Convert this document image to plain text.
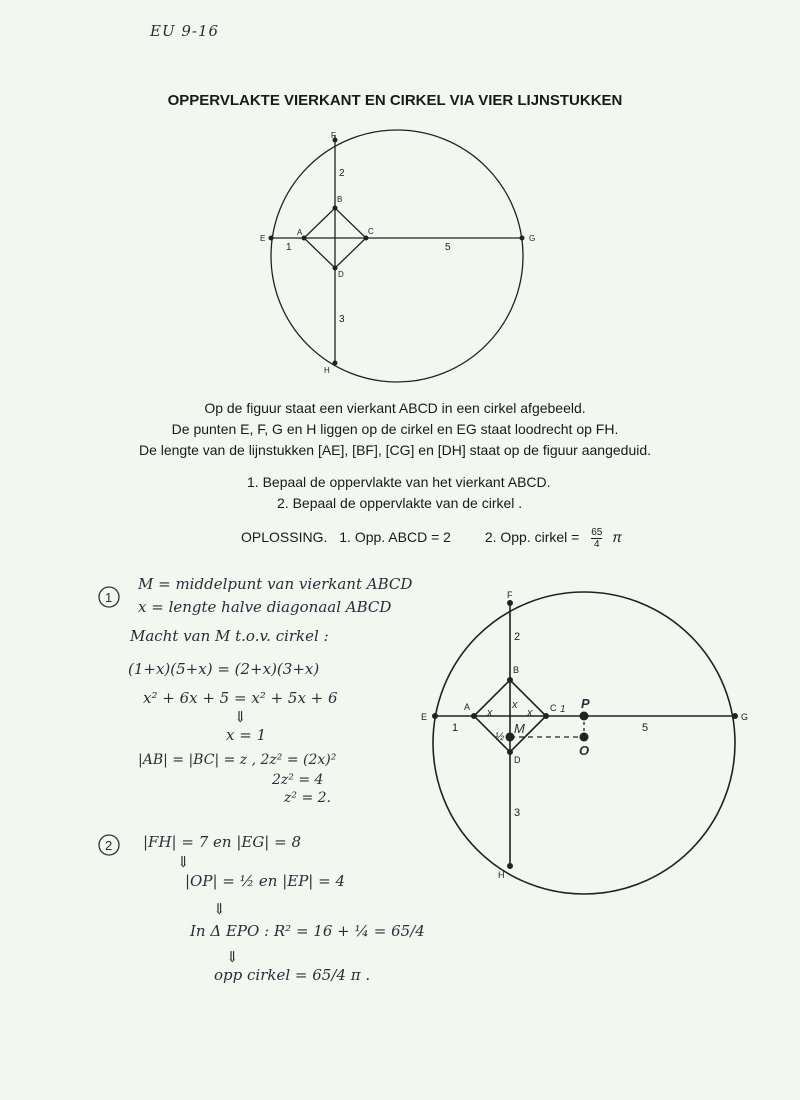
EU 9-16
OPPERVLAKTE VIERKANT EN CIRKEL VIA VIER LIJNSTUKKEN
E	G
F
H
A
B
C
D
1
2
5
3
Op de figuur staat een vierkant ABCD in een cirkel afgebeeld.
De punten E, F, G en H liggen op de cirkel en EG staat loodrecht op FH.
De lengte van de lijnstukken [AE], [BF], [CG] en [DH] staat op de figuur aangeduid.
1. Bepaal de oppervlakte van het vierkant ABCD.
2. Bepaal de oppervlakte van de cirkel .
OPLOSSING. 1. Opp. ABCD = 2 2. Opp. cirkel = $\frac{65}{4}$ π
1
M = middelpunt van vierkant ABCD
x = lengte halve diagonaal ABCD
Macht van M t.o.v. cirkel :
(1+x)(5+x) = (2+x)(3+x)
x² + 6x + 5 = x² + 5x + 6
⇓
x = 1
|AB| = |BC| = z , 2z² = (2x)²
2z² = 4
z² = 2.
2 |FH| = 7 en |EG| = 8
⇓
|OP| = ½ en |EP| = 4
⇓
In Δ EPO : R² = 16 + ¼ = 65/4
⇓
opp cirkel = 65/4 π .
E	G
F
H
A
B
C
D
1
2
5
3
M
P
O
x
x
x	1
½
